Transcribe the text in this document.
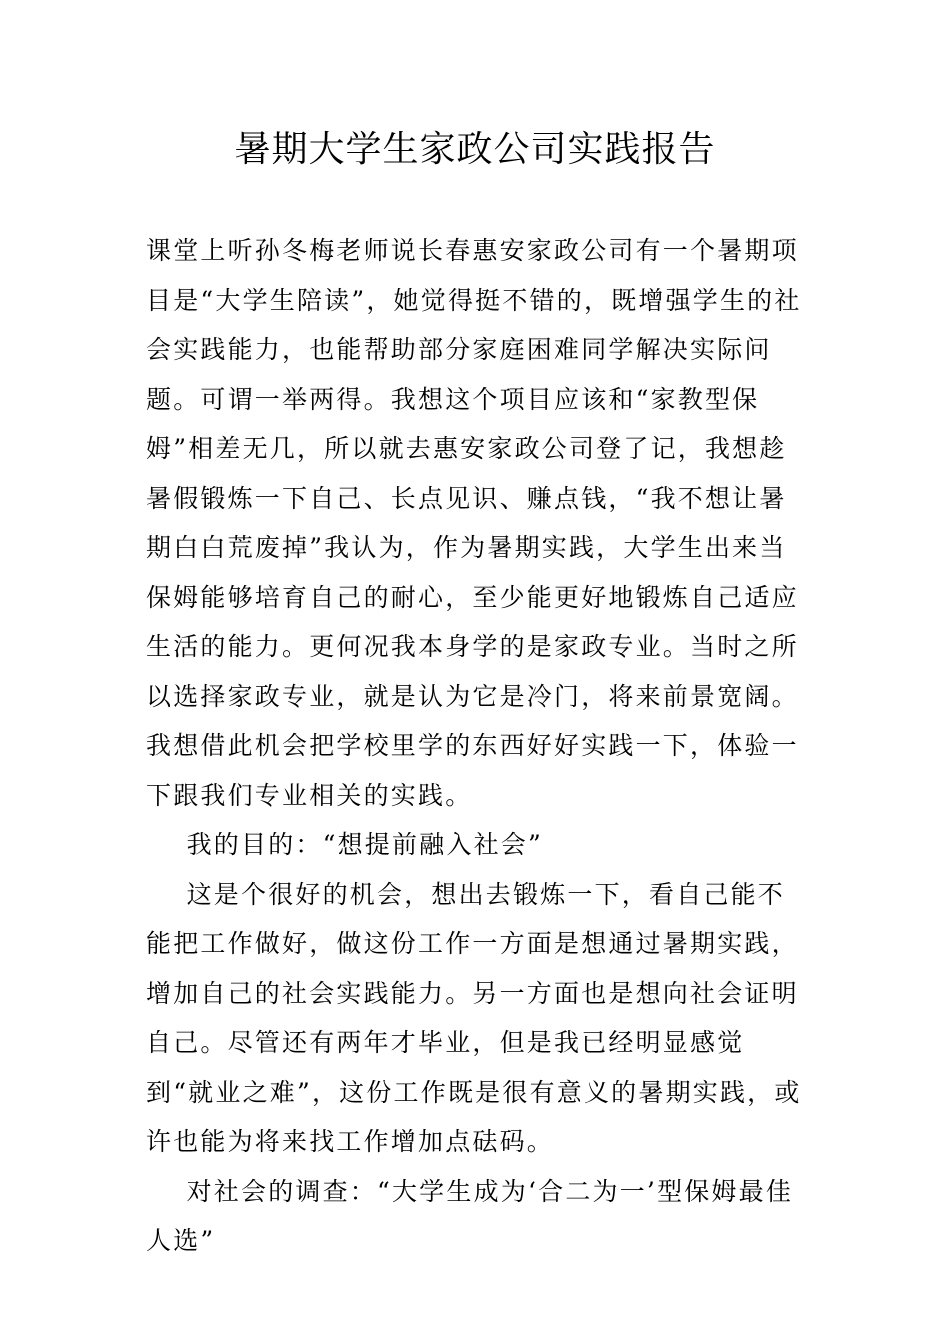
暑期大学生家政公司实践报告

课堂上听孙冬梅老师说长春惠安家政公司有一个暑期项目是“大学生陪读”，她觉得挺不错的，既增强学生的社会实践能力，也能帮助部分家庭困难同学解决实际问题。可谓一举两得。我想这个项目应该和“家教型保姆”相差无几，所以就去惠安家政公司登了记，我想趁暑假锻炼一下自己、长点见识、赚点钱，“我不想让暑期白白荒废掉”我认为，作为暑期实践，大学生出来当保姆能够培育自己的耐心，至少能更好地锻炼自己适应生活的能力。更何况我本身学的是家政专业。当时之所以选择家政专业，就是认为它是冷门，将来前景宽阔。我想借此机会把学校里学的东西好好实践一下，体验一下跟我们专业相关的实践。

我的目的：“想提前融入社会”

这是个很好的机会，想出去锻炼一下，看自己能不能把工作做好，做这份工作一方面是想通过暑期实践，增加自己的社会实践能力。另一方面也是想向社会证明自己。尽管还有两年才毕业，但是我已经明显感觉到“就业之难”，这份工作既是很有意义的暑期实践，或许也能为将来找工作增加点砝码。

对社会的调查：“大学生成为‘合二为一’型保姆最佳人选”
